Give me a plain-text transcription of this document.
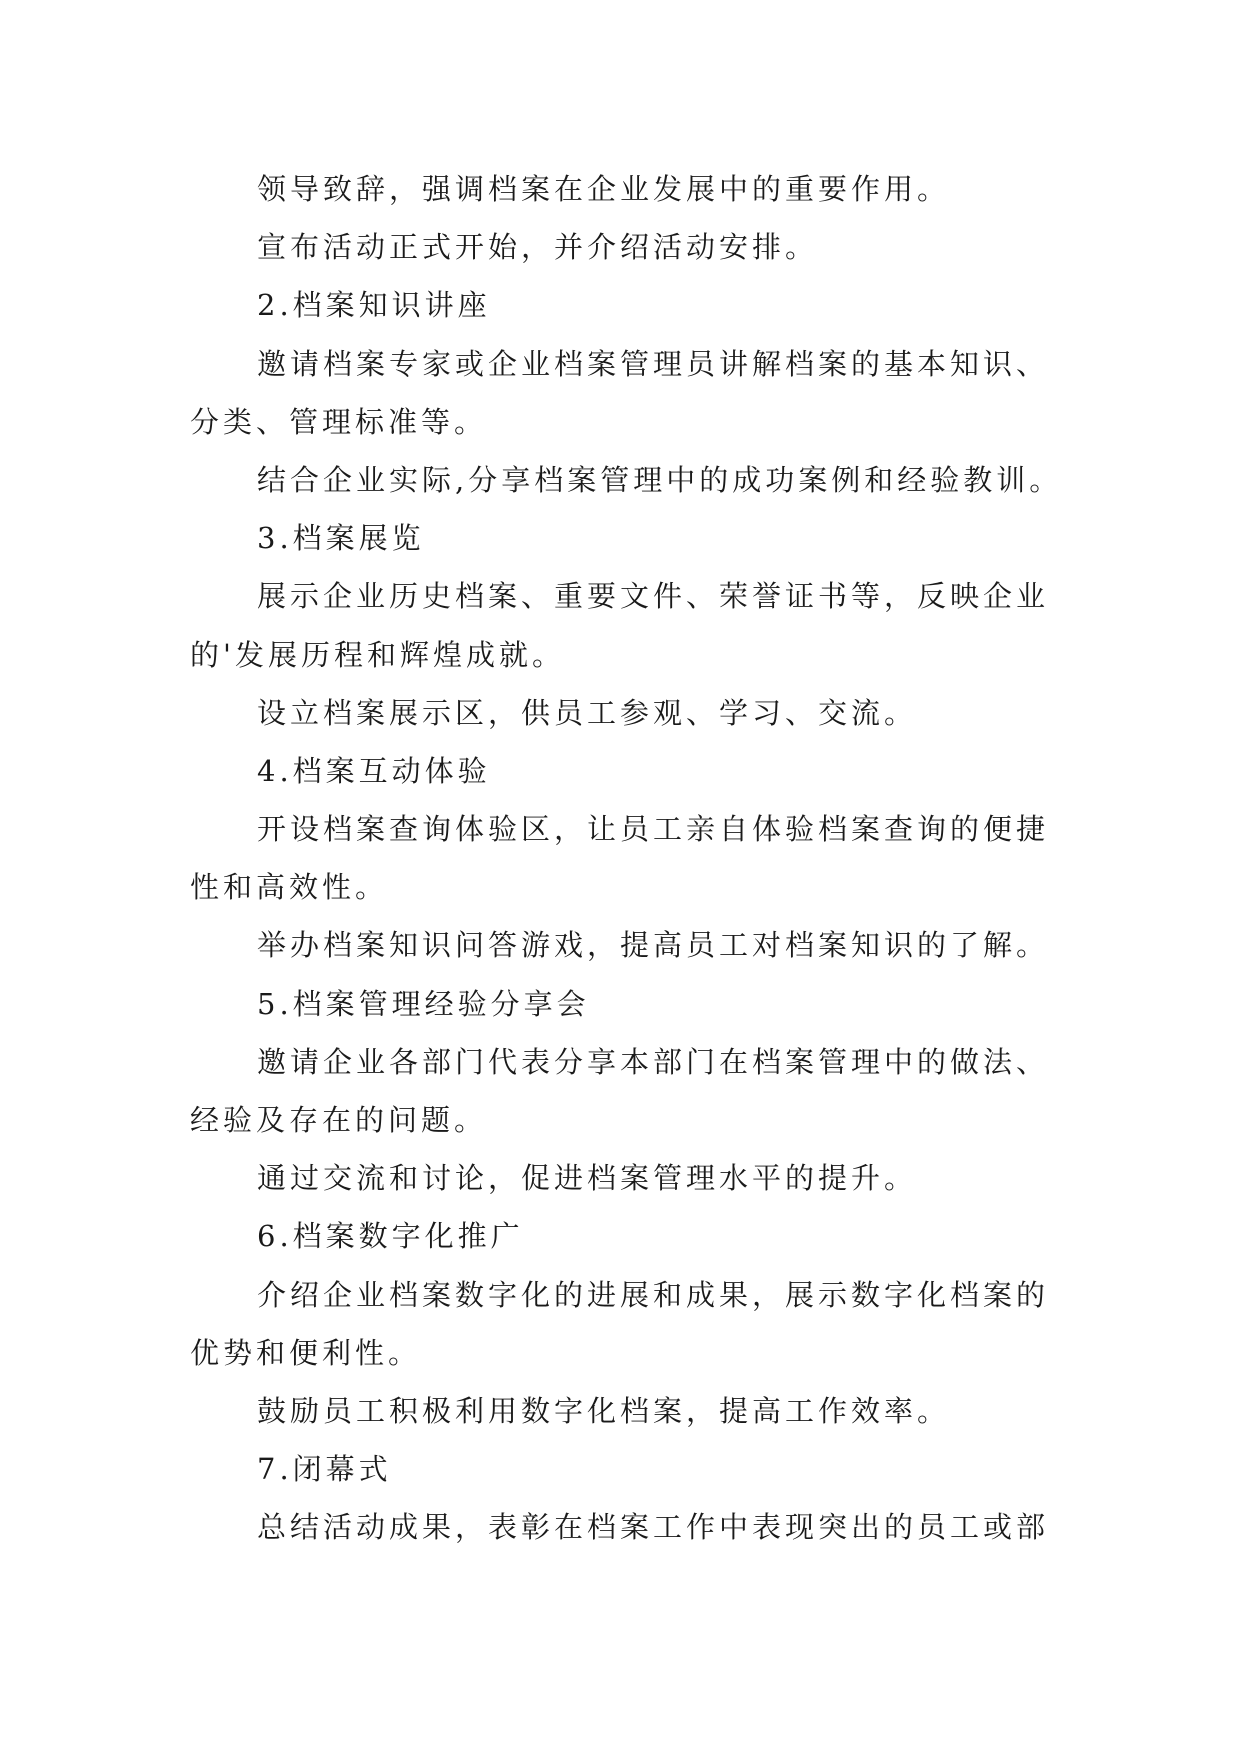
领导致辞，强调档案在企业发展中的重要作用。
宣布活动正式开始，并介绍活动安排。
2.档案知识讲座
邀请档案专家或企业档案管理员讲解档案的基本知识、
分类、管理标准等。
结合企业实际,分享档案管理中的成功案例和经验教训。
3.档案展览
展示企业历史档案、重要文件、荣誉证书等，反映企业
的'发展历程和辉煌成就。
设立档案展示区，供员工参观、学习、交流。
4.档案互动体验
开设档案查询体验区，让员工亲自体验档案查询的便捷
性和高效性。
举办档案知识问答游戏，提高员工对档案知识的了解。
5.档案管理经验分享会
邀请企业各部门代表分享本部门在档案管理中的做法、
经验及存在的问题。
通过交流和讨论，促进档案管理水平的提升。
6.档案数字化推广
介绍企业档案数字化的进展和成果，展示数字化档案的
优势和便利性。
鼓励员工积极利用数字化档案，提高工作效率。
7.闭幕式
总结活动成果，表彰在档案工作中表现突出的员工或部
